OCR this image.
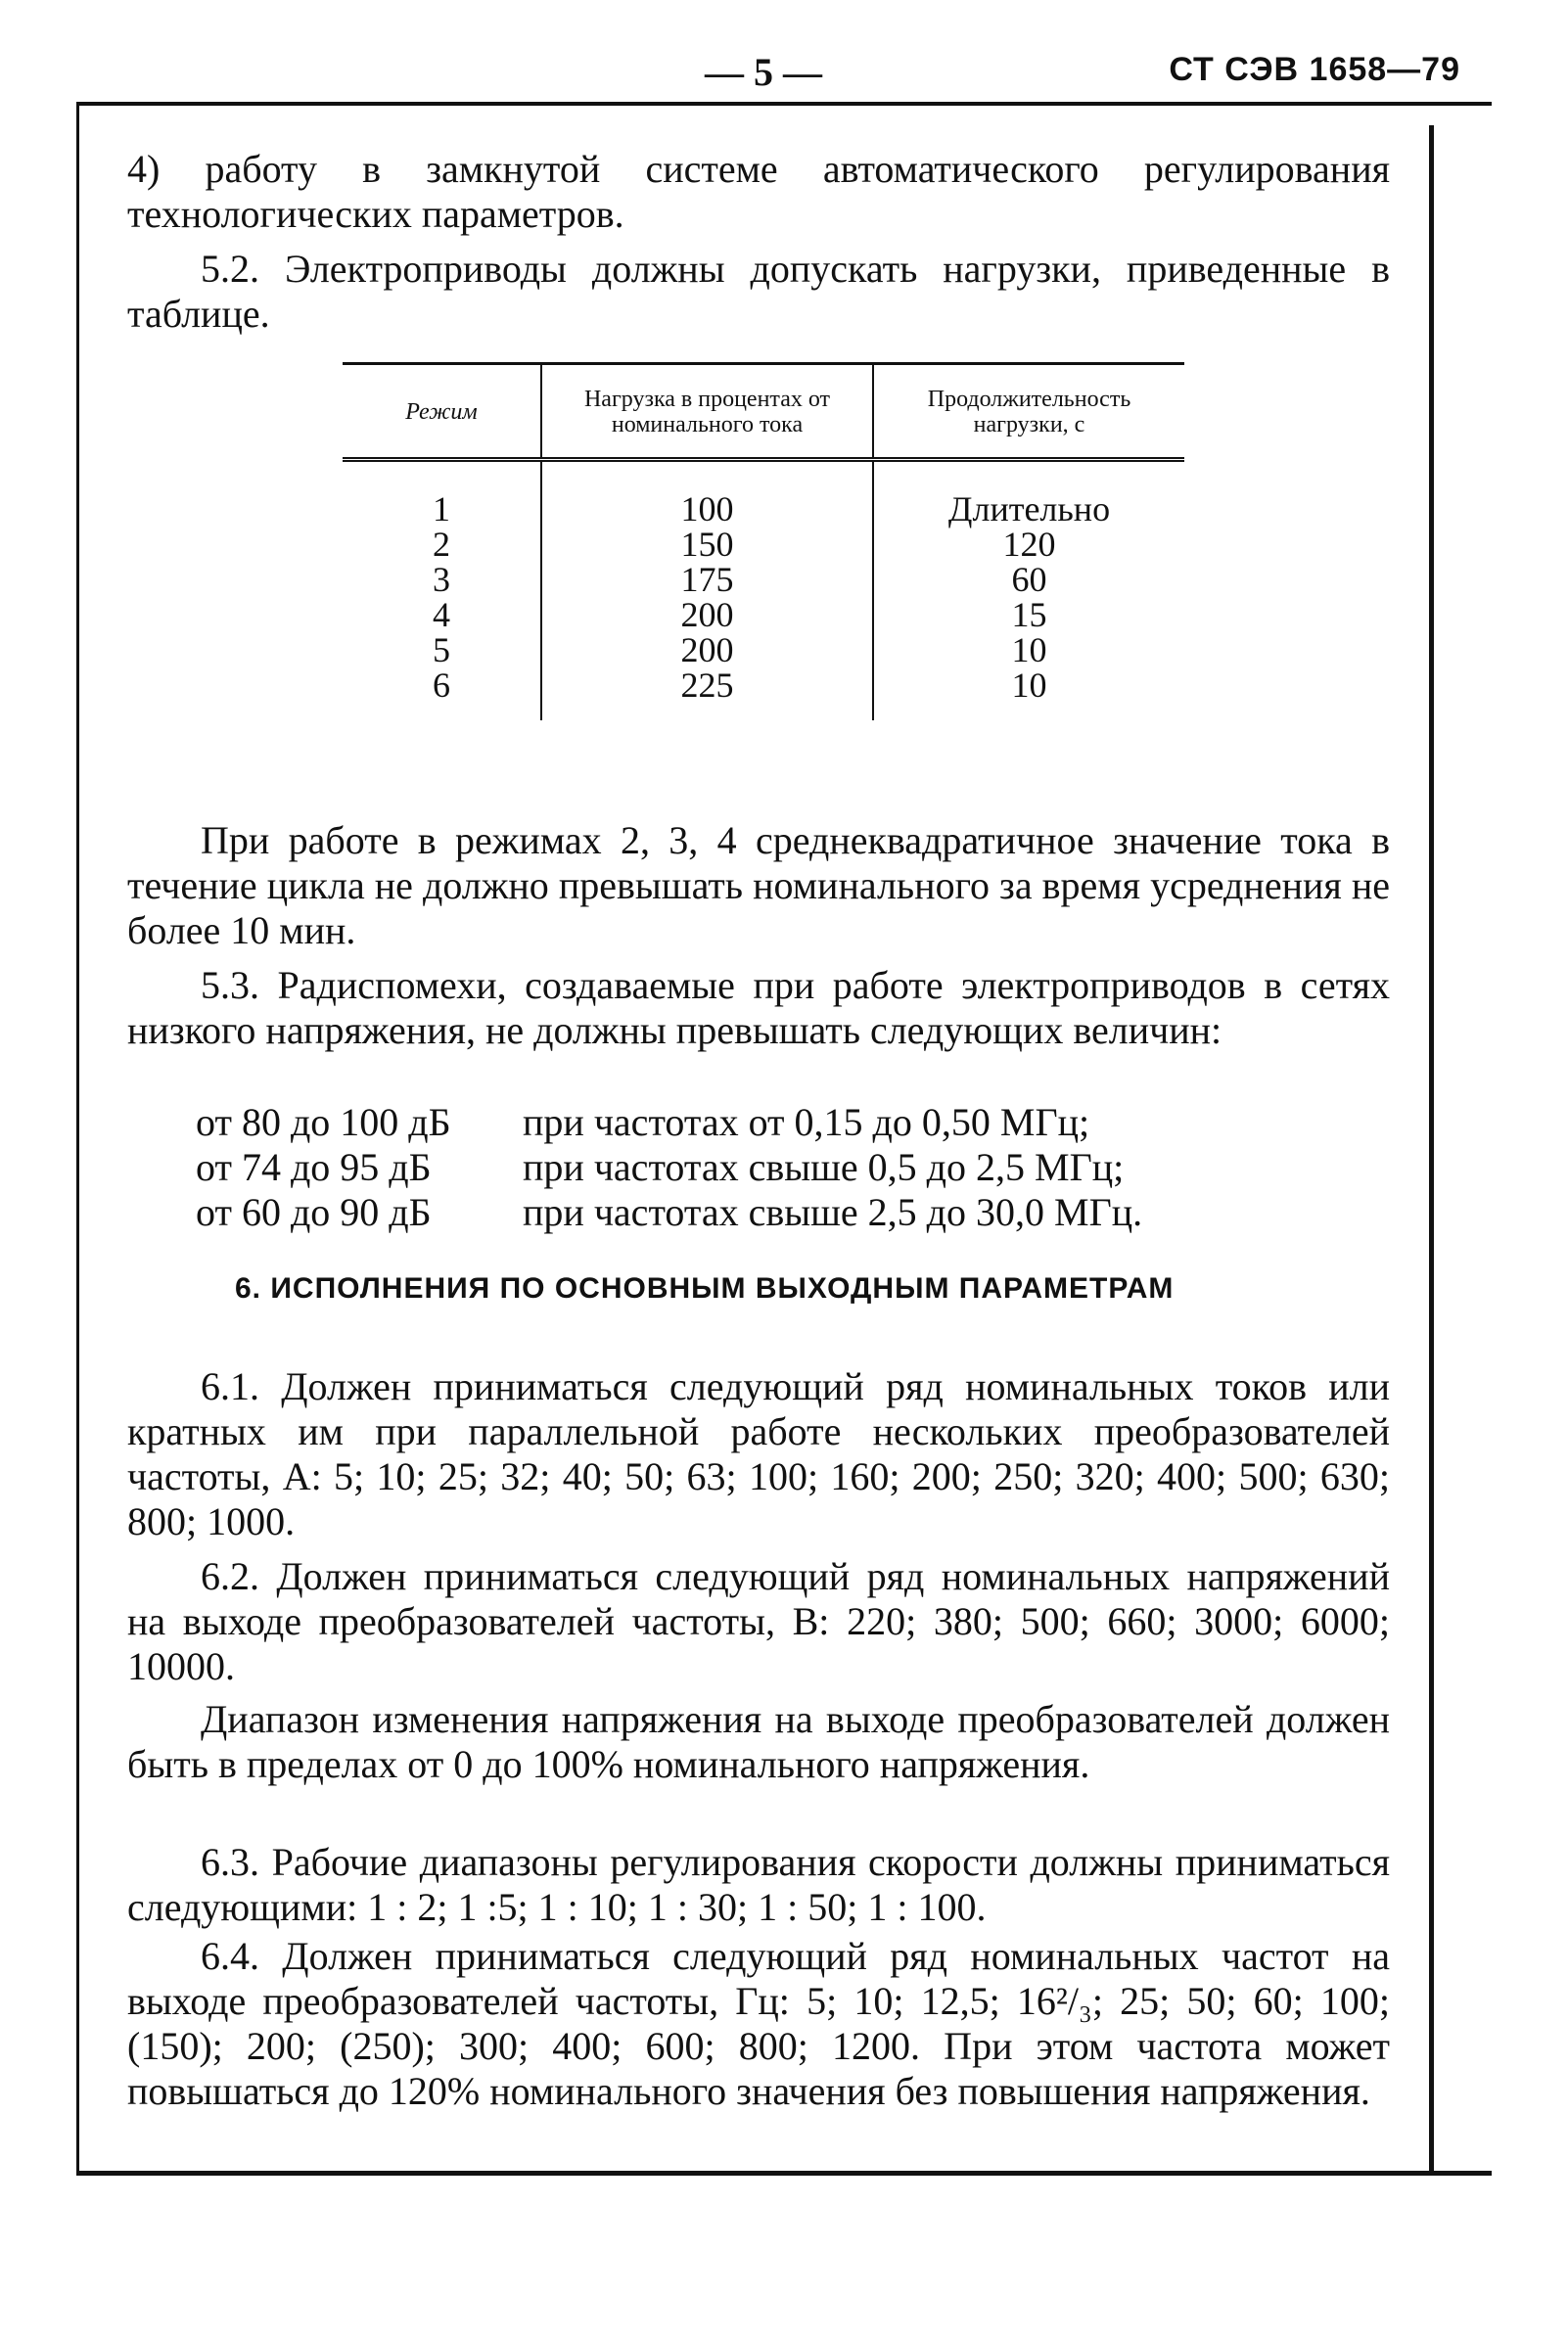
— 5 —	СТ СЭВ 1658—79

4) работу в замкнутой системе автоматического регулирования технологических параметров.

5.2. Электроприводы должны допускать нагрузки, приведенные в таблице.

Режим	Нагрузка в процентах от номинального тока	Продолжительность нагрузки, с
1	100	Длительно
2	150	120
3	175	60
4	200	15
5	200	10
6	225	10

При работе в режимах 2, 3, 4 среднеквадратичное значение тока в течение цикла не должно превышать номинального за время усреднения не более 10 мин.

5.3. Радиспомехи, создаваемые при работе электроприводов в сетях низкого напряжения, не должны превышать следующих величин:

от 80 до 100 дБ	при частотах от 0,15 до 0,50 МГц;
от 74 до 95 дБ	при частотах свыше 0,5 до 2,5 МГц;
от 60 до 90 дБ	при частотах свыше 2,5 до 30,0 МГц.
6. ИСПОЛНЕНИЯ ПО ОСНОВНЫМ ВЫХОДНЫМ ПАРАМЕТРАМ

6.1. Должен приниматься следующий ряд номинальных токов или кратных им при параллельной работе нескольких преобразователей частоты, А: 5; 10; 25; 32; 40; 50; 63; 100; 160; 200; 250; 320; 400; 500; 630; 800; 1000.

6.2. Должен приниматься следующий ряд номинальных напряжений на выходе преобразователей частоты, В: 220; 380; 500; 660; 3000; 6000; 10000.

Диапазон изменения напряжения на выходе преобразователей должен быть в пределах от 0 до 100% номинального напряжения.

6.3. Рабочие диапазоны регулирования скорости должны приниматься следующими: 1 : 2; 1 :5; 1 : 10; 1 : 30; 1 : 50; 1 : 100.

6.4. Должен приниматься следующий ряд номинальных частот на выходе преобразователей частоты, Гц: 5; 10; 12,5; 16²/₃; 25; 50; 60; 100; (150); 200; (250); 300; 400; 600; 800; 1200. При этом частота может повышаться до 120% номинального значения без повышения напряжения.
